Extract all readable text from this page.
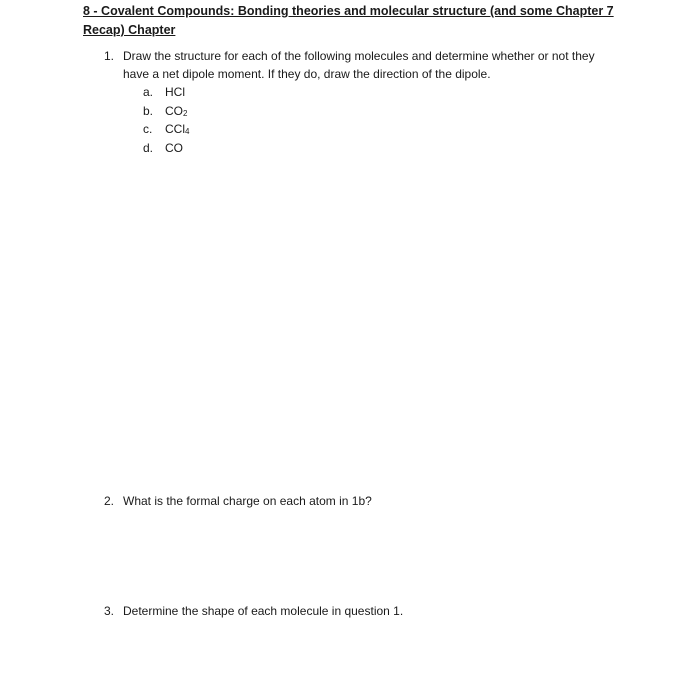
8 - Covalent Compounds: Bonding theories and molecular structure (and some Chapter 7 Recap) Chapter
1. Draw the structure for each of the following molecules and determine whether or not they have a net dipole moment. If they do, draw the direction of the dipole.
a. HCl
b. $CO_2$
c. CCl$_4$
d. CO
2. What is the formal charge on each atom in 1b?
3. Determine the shape of each molecule in question 1.
